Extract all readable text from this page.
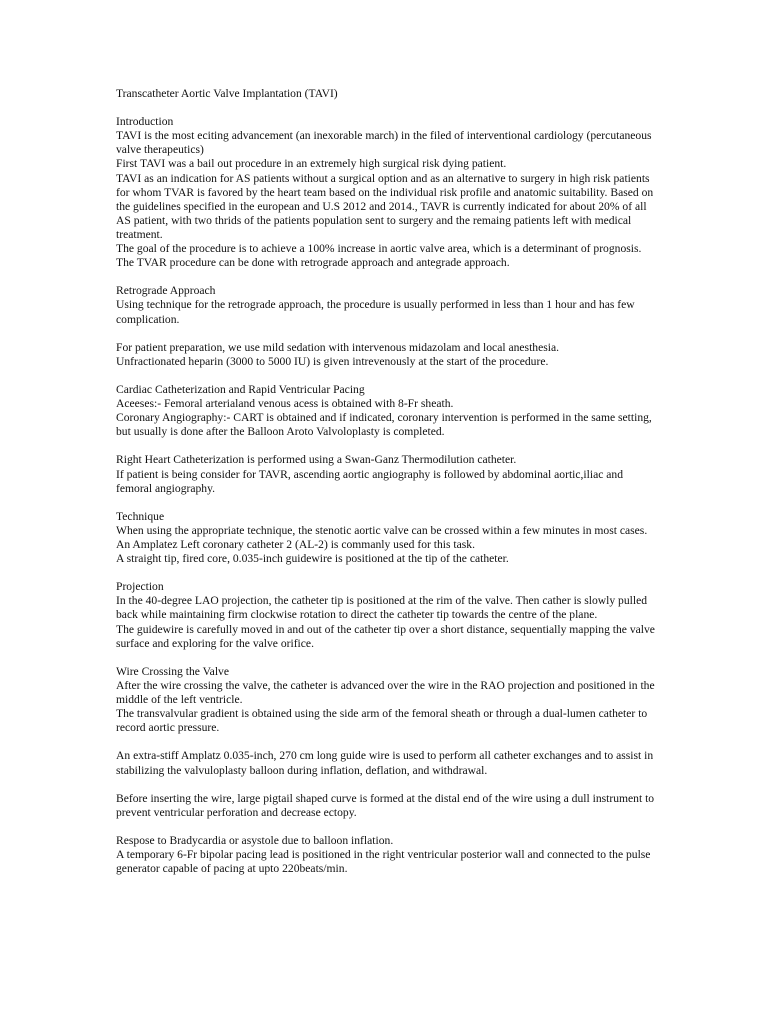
Transcatheter Aortic Valve Implantation (TAVI)
Introduction
TAVI is the most eciting advancement (an inexorable march) in the filed of interventional cardiology (percutaneous valve therapeutics)
First TAVI was a bail out procedure in an extremely high surgical risk dying patient.
TAVI as an indication for AS patients without a surgical option and as an alternative to surgery in high risk patients for whom TVAR is favored by the heart team based on the individual risk profile and anatomic suitability. Based on the guidelines specified in the european and U.S 2012 and 2014., TAVR is currently indicated for about 20% of all AS patient, with two thrids of the patients population sent to surgery and the remaing patients left with medical treatment.
The goal of the procedure is to achieve a 100% increase in aortic valve area, which is a determinant of prognosis.
The TVAR procedure can be done with retrograde approach and antegrade approach.
Retrograde Approach
Using technique for the retrograde approach, the procedure is usually performed in less than 1 hour and has few complication.
For patient preparation, we use mild sedation with intervenous midazolam and local anesthesia.
Unfractionated heparin (3000 to 5000 IU) is given intrevenously at the start of the procedure.
Cardiac Catheterization and Rapid Ventricular Pacing
Aceeses:- Femoral arterialand venous acess is obtained with 8-Fr sheath.
Coronary Angiography:- CART is obtained and if indicated, coronary intervention is performed in the same setting, but usually is done after the Balloon Aroto Valvoloplasty is completed.
Right Heart Catheterization is performed using a Swan-Ganz Thermodilution catheter.
If patient is being consider for TAVR, ascending aortic angiography is followed by abdominal aortic,iliac and femoral angiography.
Technique
When using the appropriate technique, the stenotic aortic valve can be crossed within a few minutes in most cases.
An Amplatez Left coronary catheter 2 (AL-2) is commanly used for this task.
A straight tip, fired core, 0.035-inch guidewire is positioned at the tip of the catheter.
Projection
In the 40-degree LAO projection, the catheter tip is positioned at the rim of the valve. Then cather is slowly pulled back while maintaining firm clockwise rotation to direct the catheter tip towards the centre of the plane.
The guidewire is carefully moved in and out of the catheter tip over a short distance, sequentially mapping the valve surface and exploring for the valve orifice.
Wire Crossing the Valve
After the wire crossing the valve, the catheter is advanced over the wire in the RAO projection and positioned in the middle of the left ventricle.
The transvalvular gradient is obtained using the side arm of the femoral sheath or through a dual-lumen catheter to record aortic pressure.
An extra-stiff Amplatz 0.035-inch, 270 cm long guide wire is used to perform all catheter exchanges and to assist in stabilizing the valvuloplasty balloon during inflation, deflation, and withdrawal.
Before inserting the wire, large pigtail shaped curve is formed at the distal end of the wire using a dull instrument to prevent ventricular perforation and decrease ectopy.
Respose to Bradycardia or asystole due to balloon inflation.
A temporary 6-Fr bipolar pacing lead is positioned in the right ventricular posterior wall and connected to the pulse generator capable of pacing at upto 220beats/min.
